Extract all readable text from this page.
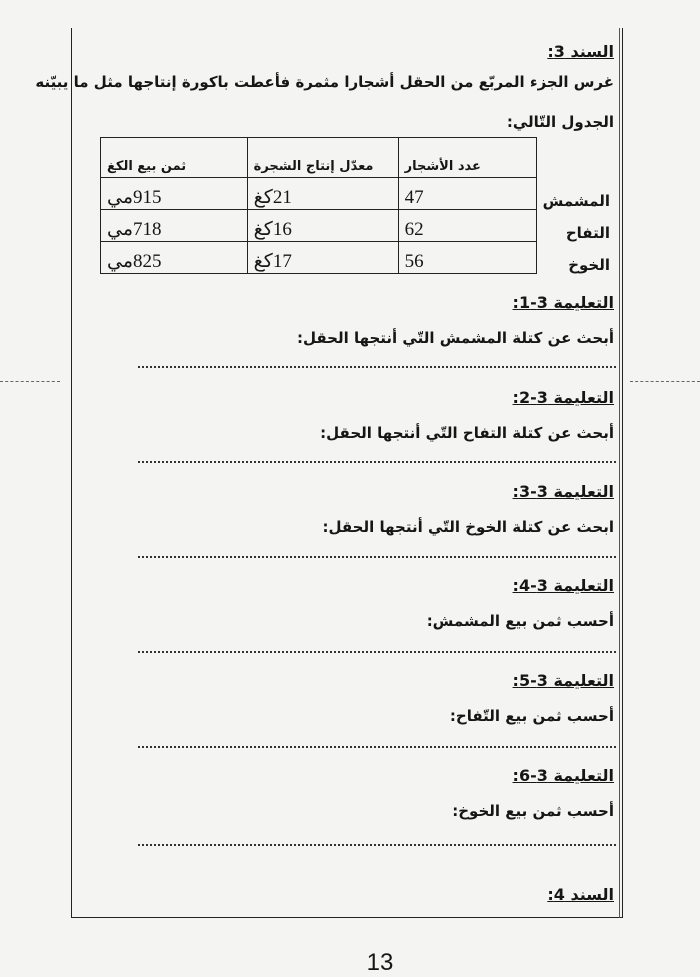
السند 3:
غرس الجزء المربّع من الحقل أشجارا مثمرة فأعطت باكورة إنتاجها مثل ما يبيّنه
الجدول التّالي:
	عدد الأشجار	معدّل إنتاج الشجرة	ثمن بيع الكغ
المشمش	47	21كغ	915مي
التفاح	62	16كغ	718مي
الخوخ	56	17كغ	825مي
التعليمة 3-1:
أبحث عن كتلة المشمش التّي أنتجها الحقل:
التعليمة 3-2:
أبحث عن كتلة التفاح التّي أنتجها الحقل:
التعليمة 3-3:
ابحث عن كتلة الخوخ التّي أنتجها الحقل:
التعليمة 3-4:
أحسب ثمن بيع المشمش:
التعليمة 3-5:
أحسب ثمن بيع التّفاح:
التعليمة 3-6:
أحسب ثمن بيع الخوخ:
السند 4:
13
